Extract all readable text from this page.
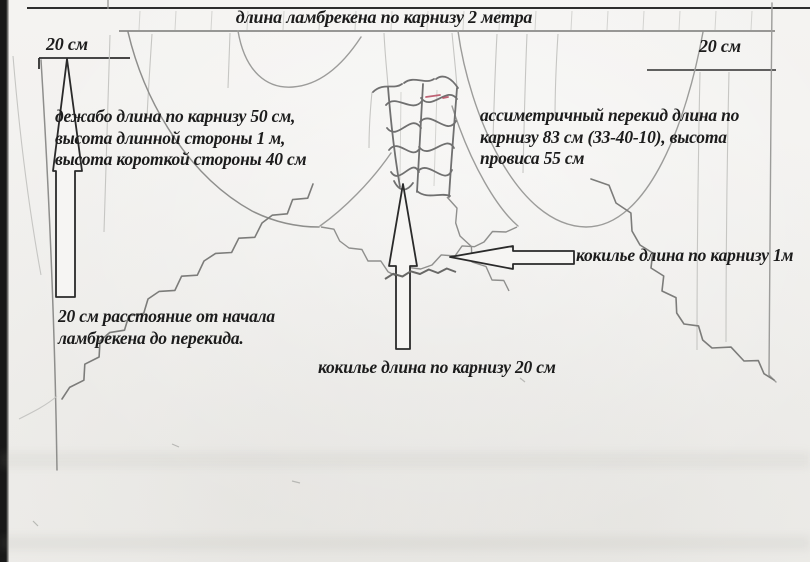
длина ламбрекена по карнизу 2 метра
20 см	20 см
дежабо длина по карнизу 50 см,
высота длинной стороны 1 м,
высота короткой стороны 40 см
ассиметричный перекид длина по
карнизу 83 см (33-40-10), высота
провиса 55 см
кокилье длина по карнизу 1м
20 см расстояние от начала
ламбрекена до перекида.
кокилье длина по карнизу 20 см
